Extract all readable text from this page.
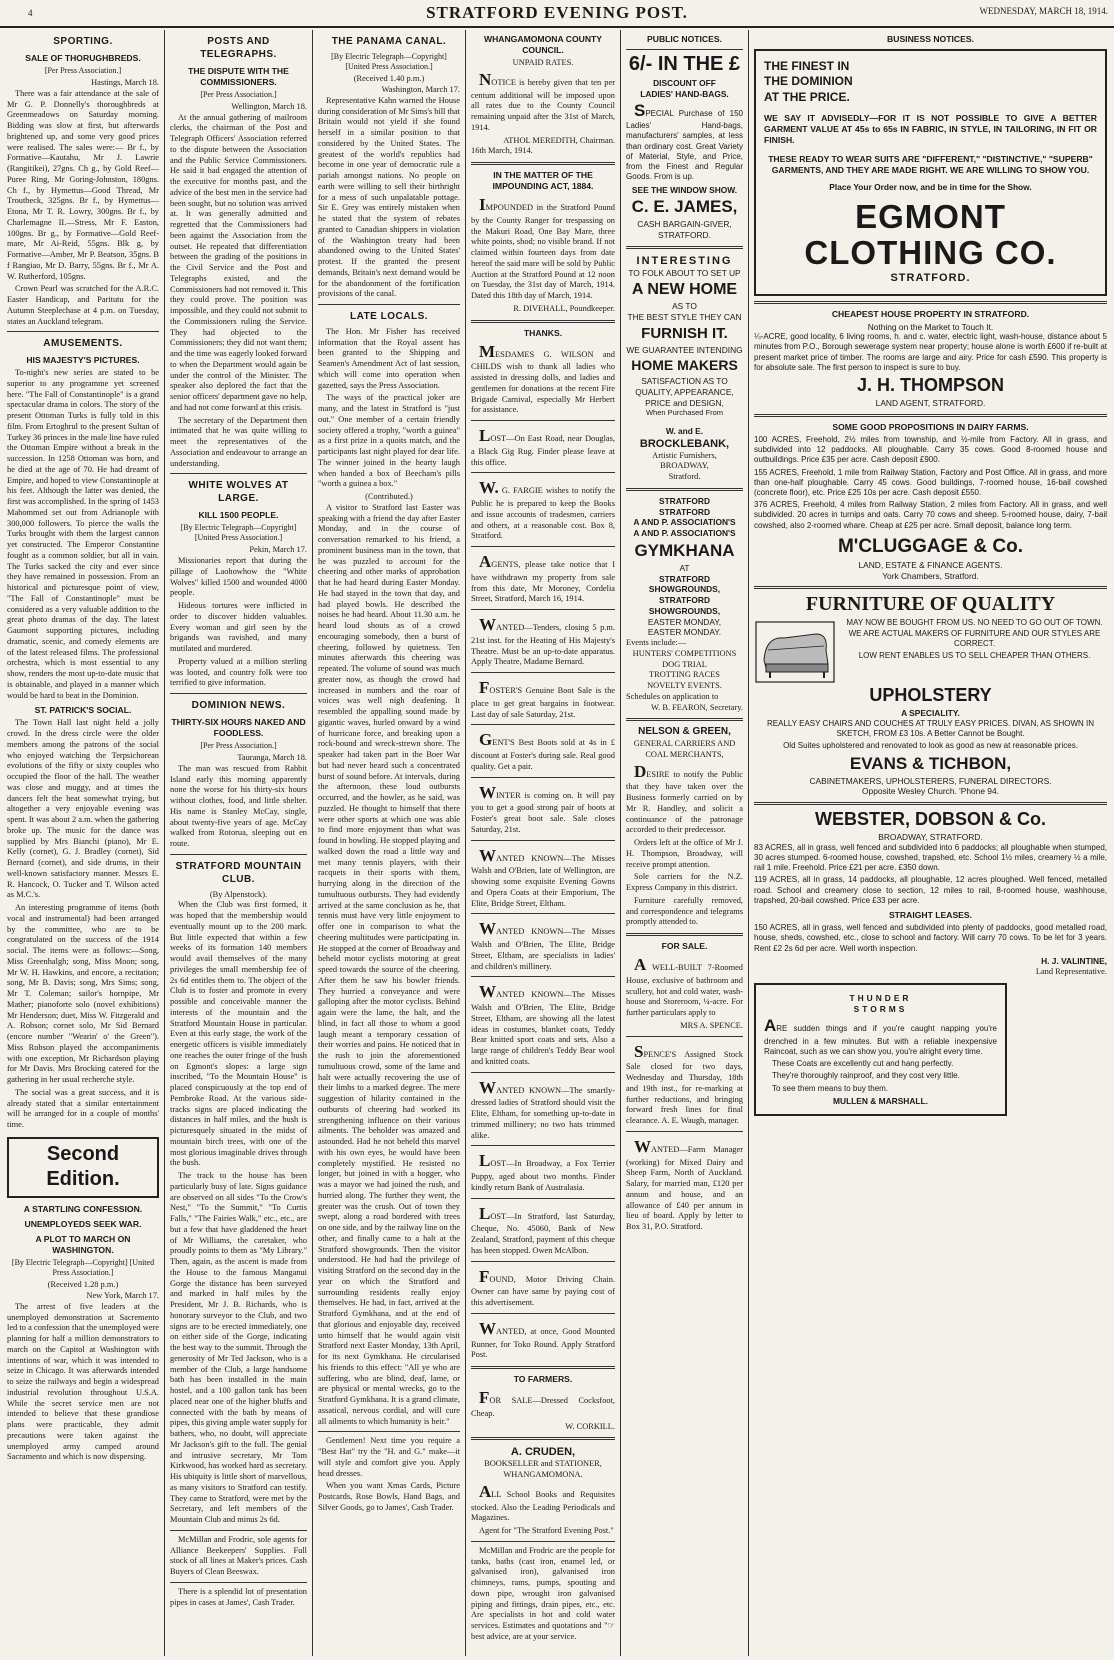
4	STRATFORD EVENING POST.	WEDNESDAY, MARCH 18, 1914.
SPORTING.
SALE OF THORUGHBREDS.
[Per Press Association.]
Hastings, March 18.

There was a fair attendance at the sale of Mr G. P. Donnelly's thoroughbreds at Greenmeadows on Saturday morning. Bidding was slow at first, but afterwards brightened up, and some very good prices were realised. The sales were:— Br f., by Formative—Kautahu, Mr J. Lawrie (Rangitikei), 27gns. Ch g., by Gold Reef—Puree Ring, Mr Goring-Johnston, 180gns. Ch f., by Hymettus—Good Thread, Mr Troutbeck, 325gns. Br f., by Hymettus—Etona, Mr T. R. Lowry, 300gns. Br f., by Charlemagne II.—Stress, Mr F. Easton, 100gns. Br g., by Formative—Gold Reef-mare, Mr Ai-Reid, 55gns. Blk g, by Formative—Amber, Mr P. Beatson, 35gns. B f Rangiao, Mr D. Barry, 55gns. Br f., Mr A. W. Rutherford, 105gns.

Crown Pearl was scratched for the A.R.C. Easter Handicap, and Paritutu for the Autumn Steeplechase at 4 p.m. on Tuesday, states an Auckland telegram.

AMUSEMENTS.
HIS MAJESTY'S PICTURES.

To-night's new series are stated to be superior to any programme yet screened here. "The Fall of Constantinople" is a grand spectacular drama in colors. The story of the present Ottoman Turks is fully told in this film. From Ertoghrul to the present Sultan of Turkey 36 princes in the male line have ruled the Ottoman Empire without a break in the succession. In 1258 Ottoman was born, and he died at the age of 70. He had dreamt of Empire, and hoped to view Constantinople at his feet. Although the latter was denied, the first was accomplished. In the spring of 1453 Mahommed set out from Adrianople with 300,000 followers. To pierce the walls the Turks brought with them the largest cannon yet constructed. The Emperor Constantine fought as a common soldier, but all in vain. The Turks sacked the city and ever since they have remained in possession. From an historical and picturesque point of view, "The Fall of Constantinople" must be considered as a very valuable addition to the great photo dramas of the day. The latest Gaumont supporting pictures, including dramatic, scenic, and comedy elements are of the latest released films. The professional orchestra, which is most essential to any show, renders the most up-to-date music that is obtainable, and played in a manner which would be hard to beat in the Dominion.

ST. PATRICK'S SOCIAL.

The Town Hall last night held a jolly crowd. In the dress circle were the older members among the patrons of the social who enjoyed watching the Terpsichorean evolutions of the fifty or sixty couples who occupied the floor of the hall. The weather was close and muggy, and at times the dancers felt the heat somewhat trying, but altogether a very enjoyable evening was spent. It was about 2 a.m. when the gathering broke up. The music for the dance was supplied by Mrs Bianchi (piano), Mr E. Kelly (cornet), G. J. Bradley (cornet), Sid Bernard (cornet), and side drums, in their well-known satisfactory manner. Messrs E. R. Hancock, O. Tucker and T. Wilson acted as M.C.'s.

An interesting programme of items (both vocal and instrumental) had been arranged by the committee, who are to be congratulated on the success of the 1914 social. The items were as follows:—Song, Miss Greenhalgh; song, Miss Moon; song, Mr W. H. Hawkins, and encore, a recitation; song, Mr B. Davis; song, Mrs Sims; song, Mr T. Coleman; sailor's hornpipe, Mr Mather; pianoforte solo (novel exhibitions) Mr Henderson; duet, Miss W. Fitzgerald and A. Robson; cornet solo, Mr Sid Bernard (encore number "Wearin' o' the Green"). Miss Robson played the accompaniments with one exception, Mr Richardson playing for Mr Davis. Mrs Brocking catered for the gathering in her usual recherche style.

The social was a great success, and it is already stated that a similar entertainment will be arranged for in a couple of months' time.

Second Edition.
A STARTLING CONFESSION.
UNEMPLOYEDS SEEK WAR.
A PLOT TO MARCH ON WASHINGTON.
[By Electric Telegraph—Copyright] [United Press Association.]
(Received 1.28 p.m.)
New York, March 17.

The arrest of five leaders at the unemployed demonstration at Sacremento led to a confession that the unemployed were planning for half a million demonstrators to march on the Capitol at Washington with intentions of war, which it was intended to seize in Chicago. It was afterwards intended to seize the railways and begin a widespread industrial revolution throughout U.S.A. While the secret service men are not intended to believe that these grandiose plans were practicable, they admit precautions were taken against the unemployed army camped around Sacramento and which is now dispersing.

POSTS AND TELEGRAPHS.
THE DISPUTE WITH THE COMMISSIONERS.
[Per Press Association.]
Wellington, March 18.

At the annual gathering of mailroom clerks, the chairman of the Post and Telegraph Officers' Association referred to the dispute between the Association and the Public Service Commissioners. He said it had engaged the attention of the executive for months past, and the advice of the best men in the service had been sought, but no solution was arrived at. It was generally admitted and regretted that the Commissioners had been against the Association from the outset. He repeated that differentiation between the grading of the positions in the Civil Service and the Post and Telegraphs existed, and the Commissioners had not removed it. This they could prove. The position was impossible, and they could not submit to the Commissioners ruling the Service. They had objected to the Commissioners; they did not want them; and the time was eagerly looked forward to when the Department would again be under the control of the Minister. The speaker also deplored the fact that the senior officers' department gave no help, and had not come forward at this crisis.

The secretary of the Department then intimated that he was quite willing to meet the representatives of the Association and endeavour to arrange an understanding.

WHITE WOLVES AT LARGE.
KILL 1500 PEOPLE.
[By Electric Telegraph—Copyright] [United Press Association.]
Pekin, March 17.

Missionaries report that during the pillage of Laohowhow the "White Wolves" killed 1500 and wounded 4000 people.

Hideous tortures were inflicted in order to discover hidden valuables. Every woman and girl seen by the brigands was ravished, and many mutilated and murdered.

Property valued at a million sterling was looted, and country folk were too terrified to give information.

DOMINION NEWS.
THIRTY-SIX HOURS NAKED AND FOODLESS.
[Per Press Association.]
Tauranga, March 18.

The man was rescued from Rabbit Island early this morning apparently none the worse for his thirty-six hours without clothes, food, and little shelter. His name is Stanley McCay, single, about twenty-five years of age. McCay walked from Rotorua, sleeping out en route.

STRATFORD MOUNTAIN CLUB.
(By Alpenstock).

When the Club was first formed, it was hoped that the membership would eventually mount up to the 200 mark. But little expected that within a few weeks of its formation 140 members would avail themselves of the many privileges the small membership fee of 2s 6d entitles them to. The object of the Club is to foster and promote in every possible and conceivable manner the interests of the mountain and the Stratford Mountain House in particular. Even at this early stage, the work of the energetic officers is visible immediately one reaches the outer fringe of the bush on Egmont's slopes: a large sign inscribed, "To the Mountain House" is placed conspicuously at the top end of Pembroke Road. At the various side-tracks signs are placed indicating the distances in half miles, and the bush is picturesquely situated in the midst of mountain birch trees, with one of the most glorious imaginable drives through the bush.

The track to the house has been particularly busy of late. Signs guidance are observed on all sides "To the Crow's Nest," "To the Summit," "To Curtis Falls," "The Fairies Walk," etc., etc., are but a few that have gladdened the heart of Mr Williams, the caretaker, who proudly points to them as "My Library." Then, again, as the ascent is made from the House to the famous Manganui Gorge the distance has been surveyed and marked in half miles by the President, Mr J. B. Richards, who is honorary surveyor to the Club, and two signs are to be erected immediately, one on either side of the Gorge, indicating the best way to the summit. Through the generosity of Mr Ted Jackson, who is a member of the Club, a large handsome bath has been installed in the main hostel, and a 100 gallon tank has been placed near one of the higher bluffs and connected with the bath by means of pipes, this giving ample water supply for bathers, who, no doubt, will appreciate Mr Jackson's gift to the full. The genial and intrusive secretary, Mr Tom Kirkwood, has worked hard as secretary. His ubiquity is little short of marvellous, as many visitors to Stratford can testify. They came to Stratford, were met by the Secretary, and left members of the Mountain Club and minus 2s 6d.

McMillan and Frodric, sole agents for Alliance Beekeepers' Supplies. Full stock of all lines at Maker's prices. Cash Buyers of Clean Beeswax.

There is a splendid lot of presentation pipes in cases at James', Cash Trader.

THE PANAMA CANAL.
[By Electric Telegraph—Copyright] [United Press Association.]
(Received 1.40 p.m.)
Washington, March 17.

Representative Kahn warned the House during consideration of Mr Sims's bill that Britain would not yield if she found herself in a similar position to that considered by the United States. The greatest of the world's republics had become in one year of democratic rule a pariah amongst nations. No people on earth were willing to sell their birthright for a mess of such unpalatable pottage. Sir E. Grey was entirely mistaken when he stated that the system of rebates granted to Canadian shippers in violation of the Washington treaty had been abandoned owing to the United States' protest. If the granted the present demands, Britain's next demand would be for the abandonment of the fortification provisions of the canal.

LATE LOCALS.

The Hon. Mr Fisher has received information that the Royal assent has been granted to the Shipping and Seamen's Amendment Act of last session, which will come into operation when gazetted, says the Press Association.

The ways of the practical joker are many, and the latest in Stratford is "just out." One member of a certain friendly society offered a trophy, "worth a guinea" as a first prize in a quoits match, and the participants last night played for dear life. The winner joined in the hearty laugh when handed a box of Beecham's pills "worth a guinea a box."

(Contributed.)

A visitor to Stratford last Easter was speaking with a friend the day after Easter Monday, and in the course of conversation remarked to his friend, a prominent business man in the town, that he was puzzled to account for the cheering and other marks of approbation that he had heard during Easter Monday. He had stayed in the town that day, and had played bowls. He described the noises he had heard. About 11.30 a.m. he heard loud shouts as of a crowd encouraging somebody, then a burst of cheering, followed by quietness. Ten minutes afterwards this cheering was repeated. The volume of sound was much greater now, as though the crowd had increased in numbers and the roar of voices was well nigh deafening. It resembled the appalling sound made by gigantic waves, hurled onward by a wind of hurricane force, and breaking upon a rock-bound and wreck-strewn shore. The speaker had taken part in the Boer War but had never heard such a concentrated burst of sound before. At intervals, during the afternoon, these loud outbursts occurred, and the howler, as he said, was puzzled. He thought to himself that there were other sports at which one was able to find more enjoyment than what was found in bowling. He stopped playing and walked down the road a little way and met many tennis players, with their racquets in their sports with them, hurrying along in the direction of the tumultuous outbursts. They had evidently arrived at the same conclusion as he, that tennis must have very little enjoyment to offer one in comparison to what the cheering multitudes were participating in. He stopped at the corner of Broadway and beheld motor cyclists motoring at great speed towards the source of the cheering. After them he saw his bowler friends. They hurried a conveyance and were galloping after the motor cyclists. Behind again were the lame, the halt, and the blind, in fact all those to whom a good laugh meant a temporary cessation of their worries and pains. He noticed that in the rush to join the aforementioned tumultuous crowd, some of the lame and halt were actually recovering the use of their limbs to a marked degree. The mere suggestion of hilarity contained in the outbursts of cheering had worked its strengthening influence on their various ailments. The beholder was amazed and astounded. Had he not beheld this marvel with his own eyes, he would have been completely mystified. He resisted no longer, but joined in with a hogger, who was a mayor we had joined the rush, and hurried along. The further they went, the greater was the crush. Out of town they swept, along a road bordered with trees on one side, and by the railway line on the other, and finally came to a halt at the Stratford showgrounds. Then the visitor understood. He had had the privilege of visiting Stratford on the second day in the year on which the Stratford and surrounding residents really enjoy themselves. He had, in fact, arrived at the Stratford Gymkhana, and at the end of that glorious and enjoyable day, received unto himself that he would again visit Stratford next Easter Monday, 13th April, for its next Gymkhana. He circularised his friends to this effect: "All ye who are suffering, who are blind, deaf, lame, or are physical or mental wrecks, go to the Stratford Gymkhana. It is a grand climate, assatical, nervous cordial, and will cure all ailments to which humanity is heir."

Gentlemen! Next time you require a "Best Hat" try the "H. and G." make—it will style and comfort give you. Apply head dresses.

When you want Xmas Cards, Picture Postcards, Rose Bowls, Hand Bags, and Silver Goods, go to James', Cash Trader.

WHANGAMOMONA COUNTY COUNCIL.
UNPAID RATES.

NOTICE is hereby given that ten per centum additional will be imposed upon all rates due to the County Council remaining unpaid after the 31st of March, 1914.

ATHOL MEREDITH, Chairman.
16th March, 1914.
IN THE MATTER OF THE IMPOUNDING ACT, 1884.

IMPOUNDED in the Stratford Pound by the County Ranger for trespassing on the Makuri Road, One Bay Mare, three white points, shod; no visible brand. If not claimed within fourteen days from date hereof the said mare will be sold by Public Auction at the Stratford Pound at 12 noon on Tuesday, the 31st day of March, 1914. Dated this 18th day of March, 1914.

R. DIVEHALL, Poundkeeper.
THANKS.

MESDAMES G. WILSON and CHILDS wish to thank all ladies who assisted in dressing dolls, and ladies and gentlemen for donations at the recent Fire Brigade Carnival, especially Mr Herbert for assistance.

LOST—On East Road, near Douglas, a Black Gig Rug. Finder please leave at this office.

W. G. FARGIE wishes to notify the Public he is prepared to keep the Books and issue accounts of tradesmen, carriers and others, at a reasonable cost. Box 8, Stratford.

AGENTS, please take notice that I have withdrawn my property from sale from this date, Mr Moroney, Cordelia Street, Stratford, March 16, 1914.

WANTED—Tenders, closing 5 p.m. 21st inst. for the Heating of His Majesty's Theatre. Must be an up-to-date apparatus. Apply Theatre, Madame Bernard.

FOSTER'S Genuine Boot Sale is the place to get great bargains in footwear. Last day of sale Saturday, 21st.

GENT'S Best Boots sold at 4s in £ discount at Foster's during sale. Real good quality. Get a pair.

WINTER is coming on. It will pay you to get a good strong pair of boots at Foster's great boot sale. Sale closes Saturday, 21st.

WANTED KNOWN—The Misses Walsh and O'Brien, late of Wellington, are showing some exquisite Evening Gowns and Opera Coats at their Emporium, The Elite, Bridge Street, Eltham.

WANTED KNOWN—The Misses Walsh and O'Brien, The Elite, Bridge Street, Eltham, are specialists in ladies' and children's millinery.

WANTED KNOWN—The Misses Walsh and O'Brien, The Elite, Bridge Street, Eltham, are showing all the latest ideas in costumes, blanket coats, Teddy Bear knitted sport coats and sets. Also a large range of children's Teddy Bear wool and knitted coats.

WANTED KNOWN—The smartly-dressed ladies of Stratford should visit the Elite, Eltham, for something up-to-date in trimmed millinery; no two hats trimmed alike.

LOST—In Broadway, a Fox Terrier Puppy, aged about two months. Finder kindly return Bank of Australasia.

LOST—In Stratford, last Saturday, Cheque, No. 45060, Bank of New Zealand, Stratford, payment of this cheque has been stopped. Owen McAlbon.

FOUND, Motor Driving Chain. Owner can have same by paying cost of this advertisement.

WANTED, at once, Good Mounted Runner, for Toko Round. Apply Stratford Post.

TO FARMERS.

FOR SALE—Dressed Cocksfoot, Cheap.

W. CORKILL.
A. CRUDEN,
BOOKSELLER and STATIONER,
WHANGAMOMONA.

ALL School Books and Requisites stocked. Also the Leading Periodicals and Magazines.

Agent for "The Stratford Evening Post."

McMillan and Frodric are the people for tanks, baths (cast iron, enamel led, or galvanised iron), galvanised iron chimneys, rams, pumps, spouting and down pipe, wrought iron galvanised piping and fittings, drain pipes, etc., etc. Are specialists in hot and cold water services. Estimates and quotations and "☞ best advice, are at your service.

PUBLIC NOTICES.
6/- IN THE £
DISCOUNT OFF
LADIES' HAND-BAGS.

SPECIAL Purchase of 150 Ladies' Hand-bags, manufacturers' samples, at less than ordinary cost. Great Variety of Material, Style, and Price, from the Finest and Regular Goods. From is up.

SEE THE WINDOW SHOW.
C. E. JAMES,
CASH BARGAIN-GIVER,
STRATFORD.
INTERESTING
TO FOLK ABOUT TO SET UP
A NEW HOME
AS TO
THE BEST STYLE THEY CAN
FURNISH IT.
WE GUARANTEE INTENDING
HOME MAKERS
SATISFACTION AS TO
QUALITY, APPEARANCE,
PRICE and DESIGN,
When Purchased From
W. and E.
BROCKLEBANK,
Artistic Furnishers,
BROADWAY,
Stratford.
STRATFORD
STRATFORD
A AND P. ASSOCIATION'S
A AND P. ASSOCIATION'S
GYMKHANA
AT
STRATFORD SHOWGROUNDS,
STRATFORD SHOWGROUNDS,
EASTER MONDAY,
EASTER MONDAY.
Events include:—
HUNTERS' COMPETITIONS
DOG TRIAL
TROTTING RACES
NOVELTY EVENTS.
Schedules on application to
W. B. FEARON, Secretary.
NELSON & GREEN,
GENERAL CARRIERS AND COAL MERCHANTS,

DESIRE to notify the Public that they have taken over the Business formerly carried on by Mr R. Handley, and solicit a continuance of the patronage accorded to their predecessor.

Orders left at the office of Mr J. H. Thompson, Broadway, will receive prompt attention.

Sole carriers for the N.Z. Express Company in this district.

Furniture carefully removed, and correspondence and telegrams promptly attended to.

FOR SALE.

A WELL-BUILT 7-Roomed House, exclusive of bathroom and scullery, hot and cold water, wash-house and Storeroom, ¼-acre. For further particulars apply to

MRS A. SPENCE.

SPENCE'S Assigned Stock Sale closed for two days, Wednesday and Thursday, 18th and 19th inst., for re-marking at further reductions, and bringing forward fresh lines for final clearance. A. E. Waugh, manager.

WANTED—Farm Manager (working) for Mixed Dairy and Sheep Farm, North of Auckland. Salary, for married man, £120 per annum and house, and an allowance of £40 per annum in lieu of board. Apply by letter to Box 31, P.O. Stratford.

BUSINESS NOTICES.
THE FINEST IN
THE DOMINION
AT THE PRICE.

WE SAY IT ADVISEDLY—FOR IT IS NOT POSSIBLE TO GIVE A BETTER GARMENT VALUE AT 45s to 65s IN FABRIC, IN STYLE, IN TAILORING, IN FIT OR FINISH.

THESE READY TO WEAR SUITS ARE "DIFFERENT," "DISTINCTIVE," "SUPERB" GARMENTS, AND THEY ARE MADE RIGHT. WE ARE WILLING TO SHOW YOU.

Place Your Order now, and be in time for the Show.
EGMONT CLOTHING CO.
STRATFORD.
CHEAPEST HOUSE PROPERTY IN STRATFORD.
Nothing on the Market to Touch It.

¼-ACRE, good locality, 6 living rooms, h. and c. water, electric light, wash-house, distance about 5 minutes from P.O., Borough sewerage system near property; house alone is worth £600 if re-built at present market price of timber. The rooms are large and airy. Price for cash £590. This property is for absolute sale. The first person to inspect is sure to buy.

J. H. THOMPSON
LAND AGENT, STRATFORD.
SOME GOOD PROPOSITIONS IN DAIRY FARMS.

100 ACRES, Freehold, 2½ miles from township, and ½-mile from Factory. All in grass, and subdivided into 12 paddocks. All ploughable. Carry 35 cows. Good 8-roomed house and outbuildings. Price £35 per acre. Cash deposit £900.

155 ACRES, Freehold, 1 mile from Railway Station, Factory and Post Office. All in grass, and more than one-half ploughable. Carry 45 cows. Good buildings, 7-roomed house, 16-bail cowshed (concrete floor), etc. Price £25 10s per acre. Cash deposit £550.

376 ACRES, Freehold, 4 miles from Railway Station, 2 miles from Factory. All in grass, and well subdivided. 20 acres in turnips and oats. Carry 70 cows and sheep. 5-roomed house, dairy, 7-bail cowshed, also 2-roomed whare. Cheap at £25 per acre. Small deposit, balance long term.

M'CLUGGAGE & Co.
LAND, ESTATE & FINANCE AGENTS.
York Chambers, Stratford.
FURNITURE OF QUALITY

MAY NOW BE BOUGHT FROM US. NO NEED TO GO OUT OF TOWN. WE ARE ACTUAL MAKERS OF FURNITURE AND OUR STYLES ARE CORRECT.

LOW RENT ENABLES US TO SELL CHEAPER THAN OTHERS.

UPHOLSTERY
A SPECIALITY.

REALLY EASY CHAIRS AND COUCHES AT TRULY EASY PRICES. DIVAN, AS SHOWN IN SKETCH, FROM £3 10s. A Better Cannot be Bought.

Old Suites upholstered and renovated to look as good as new at reasonable prices.

EVANS & TICHBON,
CABINETMAKERS, UPHOLSTERERS, FUNERAL DIRECTORS.
Opposite Wesley Church. 'Phone 94.
WEBSTER, DOBSON & Co.
BROADWAY, STRATFORD.

83 ACRES, all in grass, well fenced and subdivided into 6 paddocks; all ploughable when stumped, 30 acres stumped. 6-roomed house, cowshed, trapshed, etc. School 1½ miles, creamery ½ a mile, rail 1 mile. Freehold. Price £21 per acre. £350 down.

119 ACRES, all in grass, 14 paddocks, all ploughable, 12 acres ploughed. Well fenced, metalled road. School and creamery close to section, 12 miles to rail, 8-roomed house, washhouse, trapshed, 20-bail cowshed. Price £33 per acre.

STRAIGHT LEASES.

150 ACRES, all in grass, well fenced and subdivided into plenty of paddocks, good metalled road, house, sheds, cowshed, etc., close to school and factory. Will carry 70 cows. To be let for 3 years. Rent £2 2s 6d per acre. Well worth inspection.

H. J. VALINTINE,
Land Representative.
THUNDER
STORMS

ARE sudden things and if you're caught napping you're drenched in a few minutes. But with a reliable inexpensive Raincoat, such as we can show you, you're alright every time.

These Coats are excellently cut and hang perfectly.

They're thoroughly rainproof, and they cost very little.

To see them means to buy them.

MULLEN & MARSHALL.
